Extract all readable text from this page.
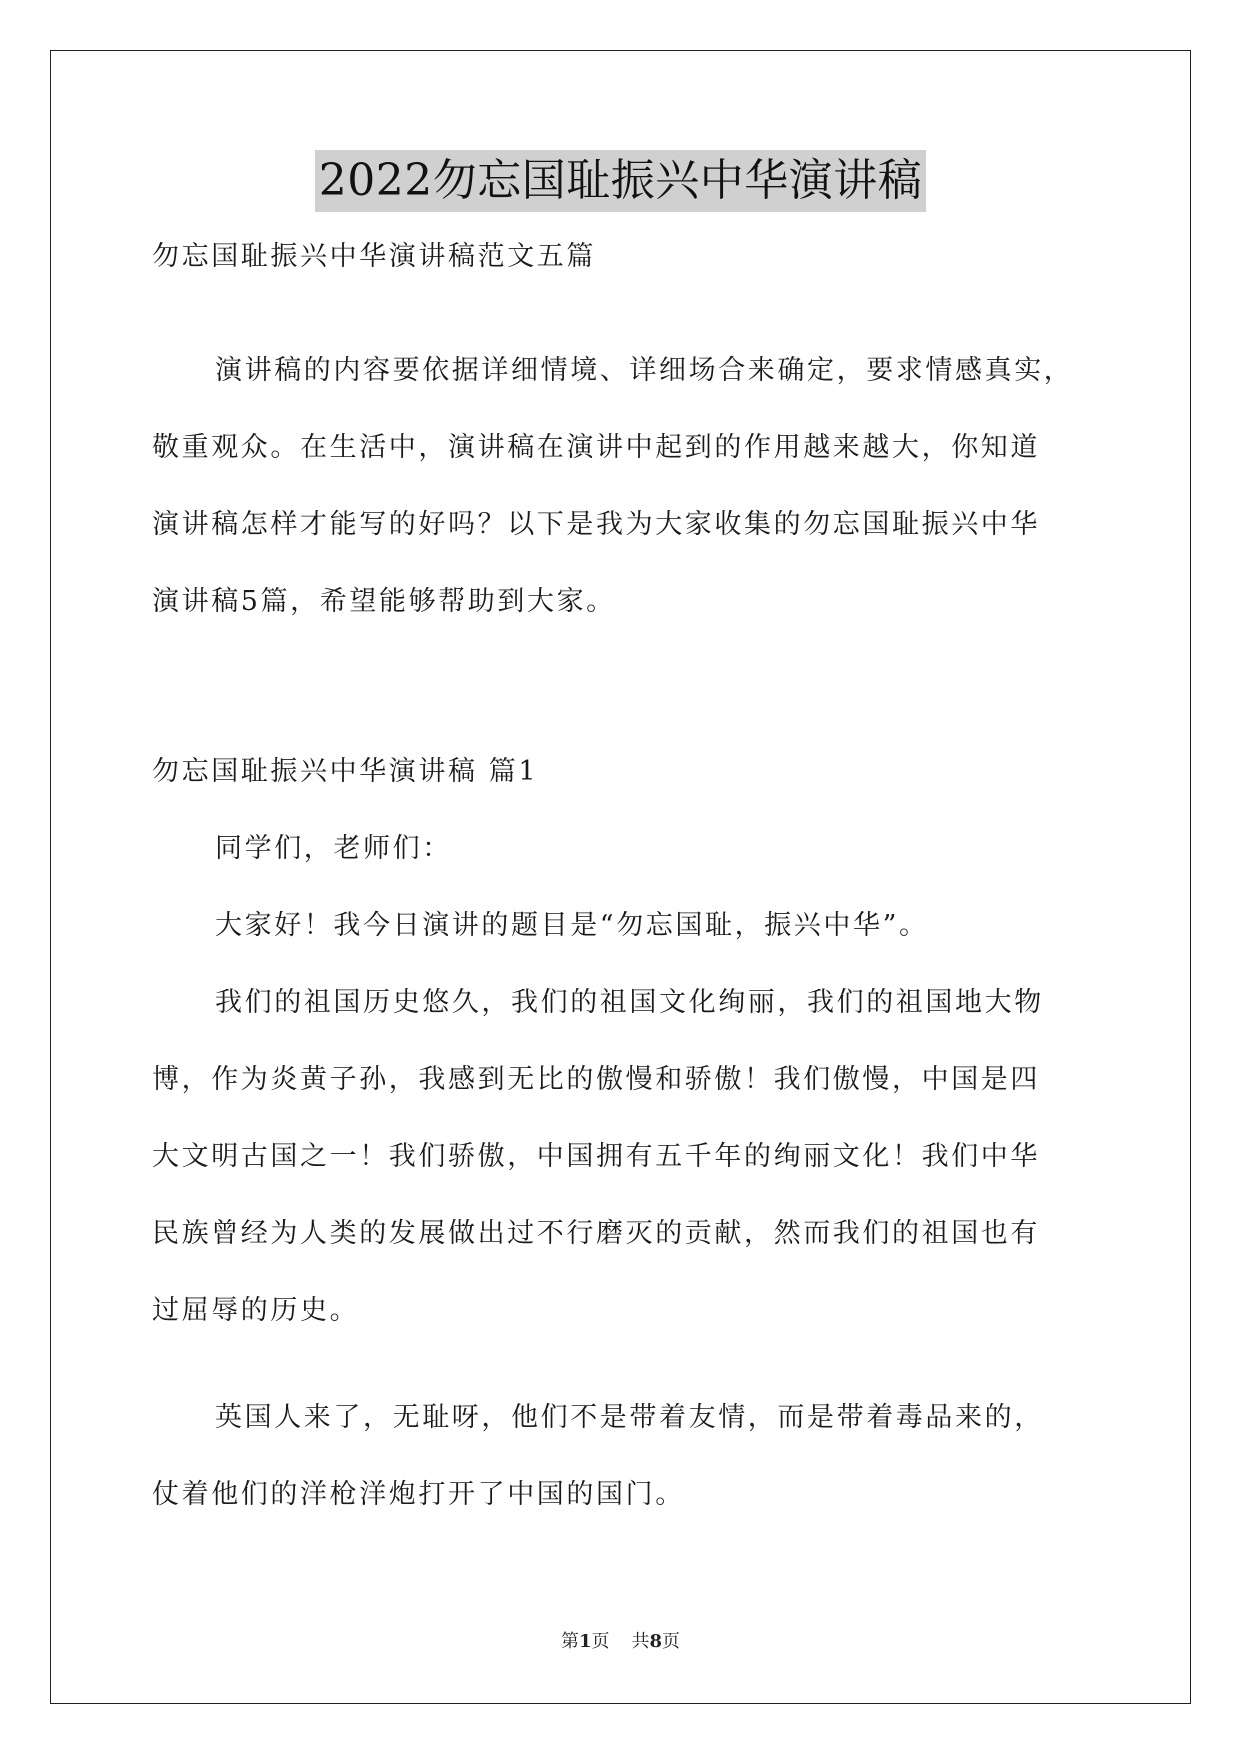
2022勿忘国耻振兴中华演讲稿
勿忘国耻振兴中华演讲稿范文五篇
演讲稿的内容要依据详细情境、详细场合来确定，要求情感真实，
敬重观众。在生活中，演讲稿在演讲中起到的作用越来越大，你知道
演讲稿怎样才能写的好吗？以下是我为大家收集的勿忘国耻振兴中华
演讲稿5篇，希望能够帮助到大家。
勿忘国耻振兴中华演讲稿 篇1
同学们，老师们：
大家好！我今日演讲的题目是“勿忘国耻，振兴中华”。
我们的祖国历史悠久，我们的祖国文化绚丽，我们的祖国地大物
博，作为炎黄子孙，我感到无比的傲慢和骄傲！我们傲慢，中国是四
大文明古国之一！我们骄傲，中国拥有五千年的绚丽文化！我们中华
民族曾经为人类的发展做出过不行磨灭的贡献，然而我们的祖国也有
过屈辱的历史。
英国人来了，无耻呀，他们不是带着友情，而是带着毒品来的，
仗着他们的洋枪洋炮打开了中国的国门。
第1页 共8页
